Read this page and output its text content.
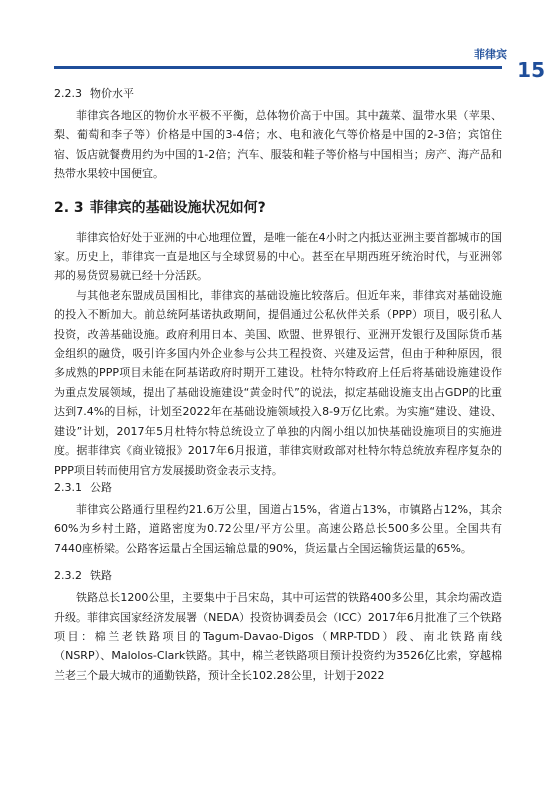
菲律宾
15
2.2.3 物价水平

菲律宾各地区的物价水平极不平衡，总体物价高于中国。其中蔬菜、温带水果（苹果、梨、葡萄和李子等）价格是中国的3-4倍；水、电和液化气等价格是中国的2-3倍；宾馆住宿、饭店就餐费用约为中国的1-2倍；汽车、服装和鞋子等价格与中国相当；房产、海产品和热带水果较中国便宜。

2. 3 菲律宾的基础设施状况如何?

菲律宾恰好处于亚洲的中心地理位置，是唯一能在4小时之内抵达亚洲主要首都城市的国家。历史上，菲律宾一直是地区与全球贸易的中心。甚至在早期西班牙统治时代，与亚洲邻邦的易货贸易就已经十分活跃。

与其他老东盟成员国相比，菲律宾的基础设施比较落后。但近年来，菲律宾对基础设施的投入不断加大。前总统阿基诺执政期间，提倡通过公私伙伴关系（PPP）项目，吸引私人投资，改善基础设施。政府利用日本、美国、欧盟、世界银行、亚洲开发银行及国际货币基金组织的融贷，吸引许多国内外企业参与公共工程投资、兴建及运营，但由于种种原因，很多成熟的PPP项目未能在阿基诺政府时期开工建设。杜特尔特政府上任后将基础设施建设作为重点发展领域，提出了基础设施建设“黄金时代”的说法，拟定基础设施支出占GDP的比重达到7.4%的目标，计划至2022年在基础设施领域投入8-9万亿比索。为实施“建设、建设、建设”计划，2017年5月杜特尔特总统设立了单独的内阁小组以加快基础设施项目的实施进度。据菲律宾《商业镜报》2017年6月报道，菲律宾财政部对杜特尔特总统放弃程序复杂的PPP项目转而使用官方发展援助资金表示支持。

2.3.1 公路

菲律宾公路通行里程约21.6万公里，国道占15%，省道占13%，市镇路占12%，其余60%为乡村土路，道路密度为0.72公里/平方公里。高速公路总长500多公里。全国共有7440座桥梁。公路客运量占全国运输总量的90%，货运量占全国运输货运量的65%。

2.3.2 铁路

铁路总长1200公里，主要集中于吕宋岛，其中可运营的铁路400多公里，其余均需改造升级。菲律宾国家经济发展署（NEDA）投资协调委员会（ICC）2017年6月批准了三个铁路项目：棉兰老铁路项目的Tagum-Davao-Digos（MRP-TDD）段、南北铁路南线（NSRP）、Malolos-Clark铁路。其中，棉兰老铁路项目预计投资约为3526亿比索，穿越棉兰老三个最大城市的通勤铁路，预计全长102.28公里，计划于2022
